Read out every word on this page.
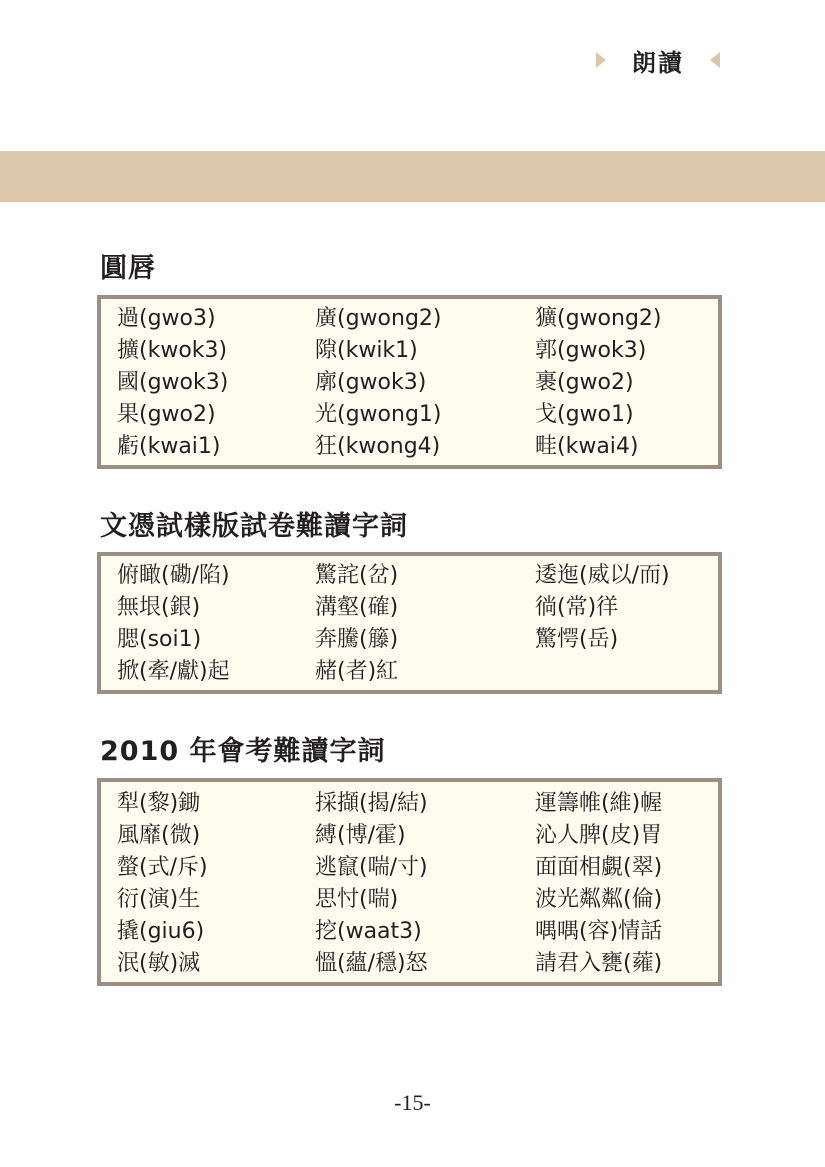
朗讀
圓唇
過(gwo3)	廣(gwong2)	獷(gwong2)
擴(kwok3)	隙(kwik1)	郭(gwok3)
國(gwok3)	廓(gwok3)	裹(gwo2)
果(gwo2)	光(gwong1)	戈(gwo1)
虧(kwai1)	狂(kwong4)	畦(kwai4)
文憑試樣版試卷難讀字詞
俯瞰(磡/陷)	驚詫(岔)	逶迤(威以/而)
無垠(銀)	溝壑(確)	徜(常)徉
腮(soi1)	奔騰(籐)	驚愕(岳)
掀(牽/獻)起	赭(者)紅
2010 年會考難讀字詞
犁(黎)鋤	採擷(揭/結)	運籌帷(維)幄
風靡(微)	縛(博/霍)	沁人脾(皮)胃
螫(式/斥)	逃竄(喘/寸)	面面相覷(翠)
衍(演)生	思忖(喘)	波光粼粼(倫)
撬(giu6)	挖(waat3)	喁喁(容)情話
泯(敏)滅	慍(蘊/穩)怒	請君入甕(蕹)
-15-
